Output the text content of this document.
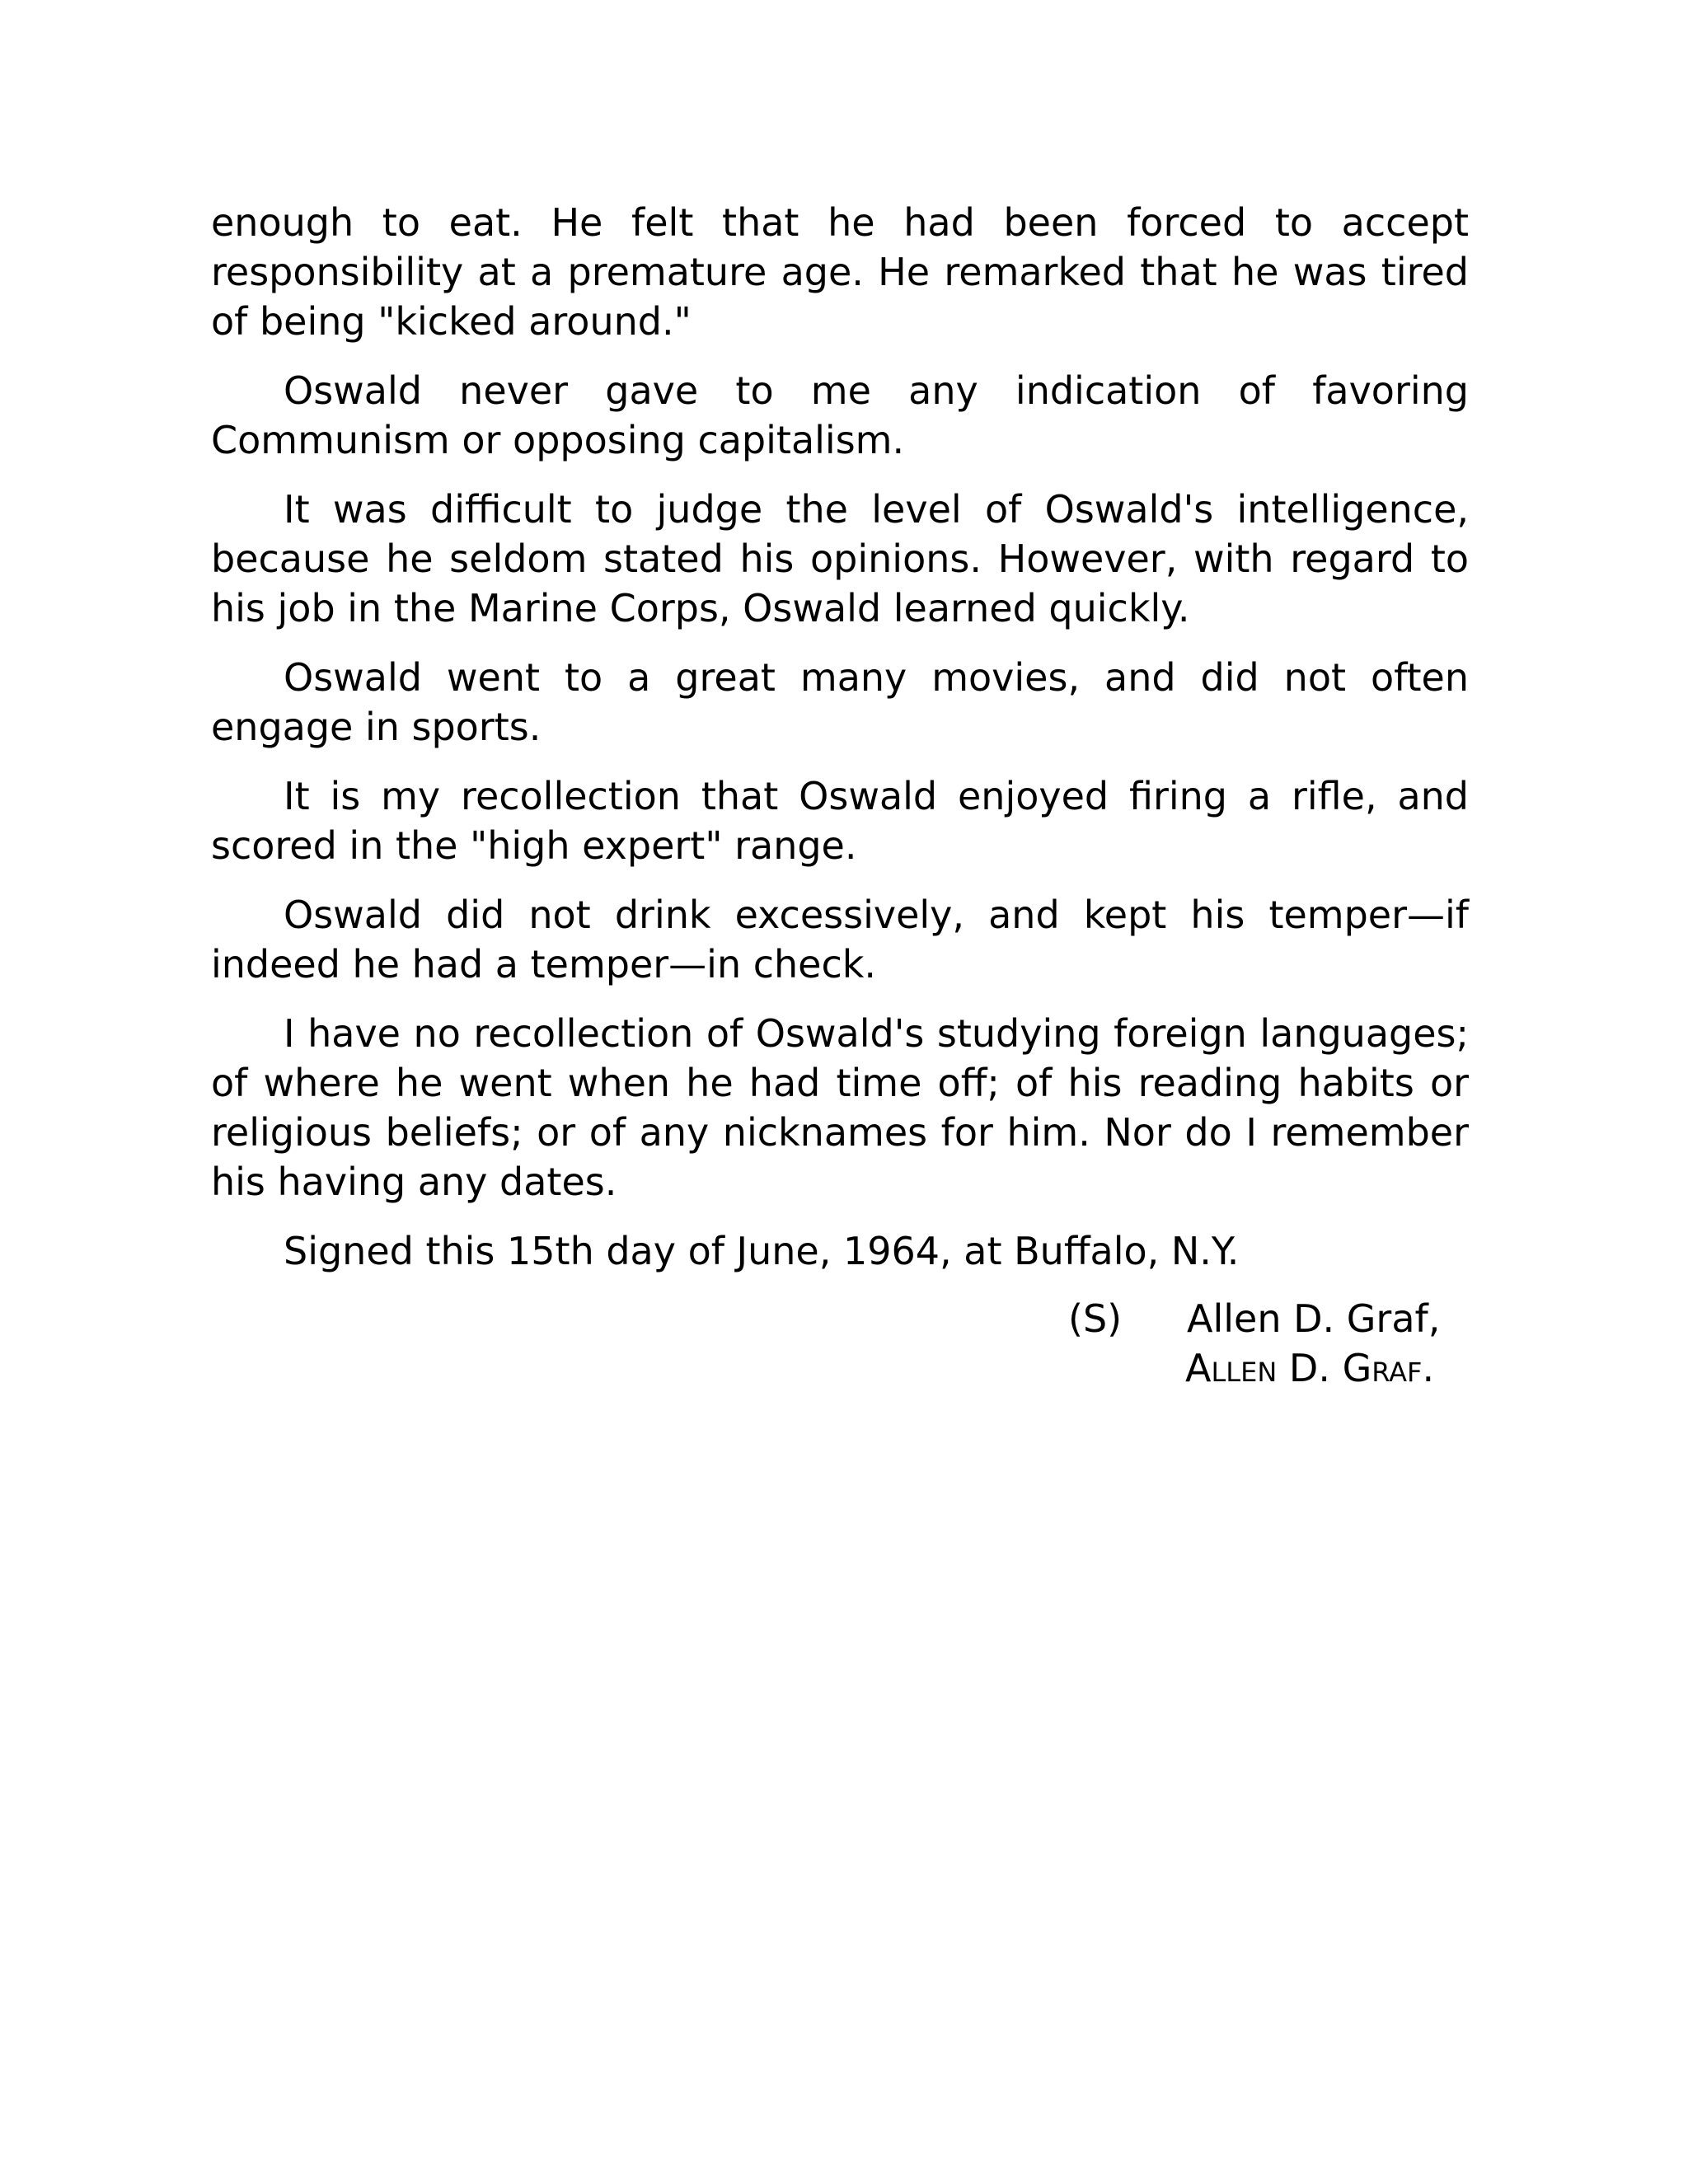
enough to eat. He felt that he had been forced to accept responsibility at a premature age. He remarked that he was tired of being "kicked around."

Oswald never gave to me any indication of favoring Communism or opposing capitalism.

It was difficult to judge the level of Oswald's intelligence, because he seldom stated his opinions. However, with regard to his job in the Marine Corps, Oswald learned quickly.

Oswald went to a great many movies, and did not often engage in sports.

It is my recollection that Oswald enjoyed firing a rifle, and scored in the "high expert" range.

Oswald did not drink excessively, and kept his temper—if indeed he had a temper—in check.

I have no recollection of Oswald's studying foreign languages; of where he went when he had time off; of his reading habits or religious beliefs; or of any nicknames for him. Nor do I remember his having any dates.

Signed this 15th day of June, 1964, at Buffalo, N.Y.

(S) Allen D. Graf,
Allen D. Graf.
